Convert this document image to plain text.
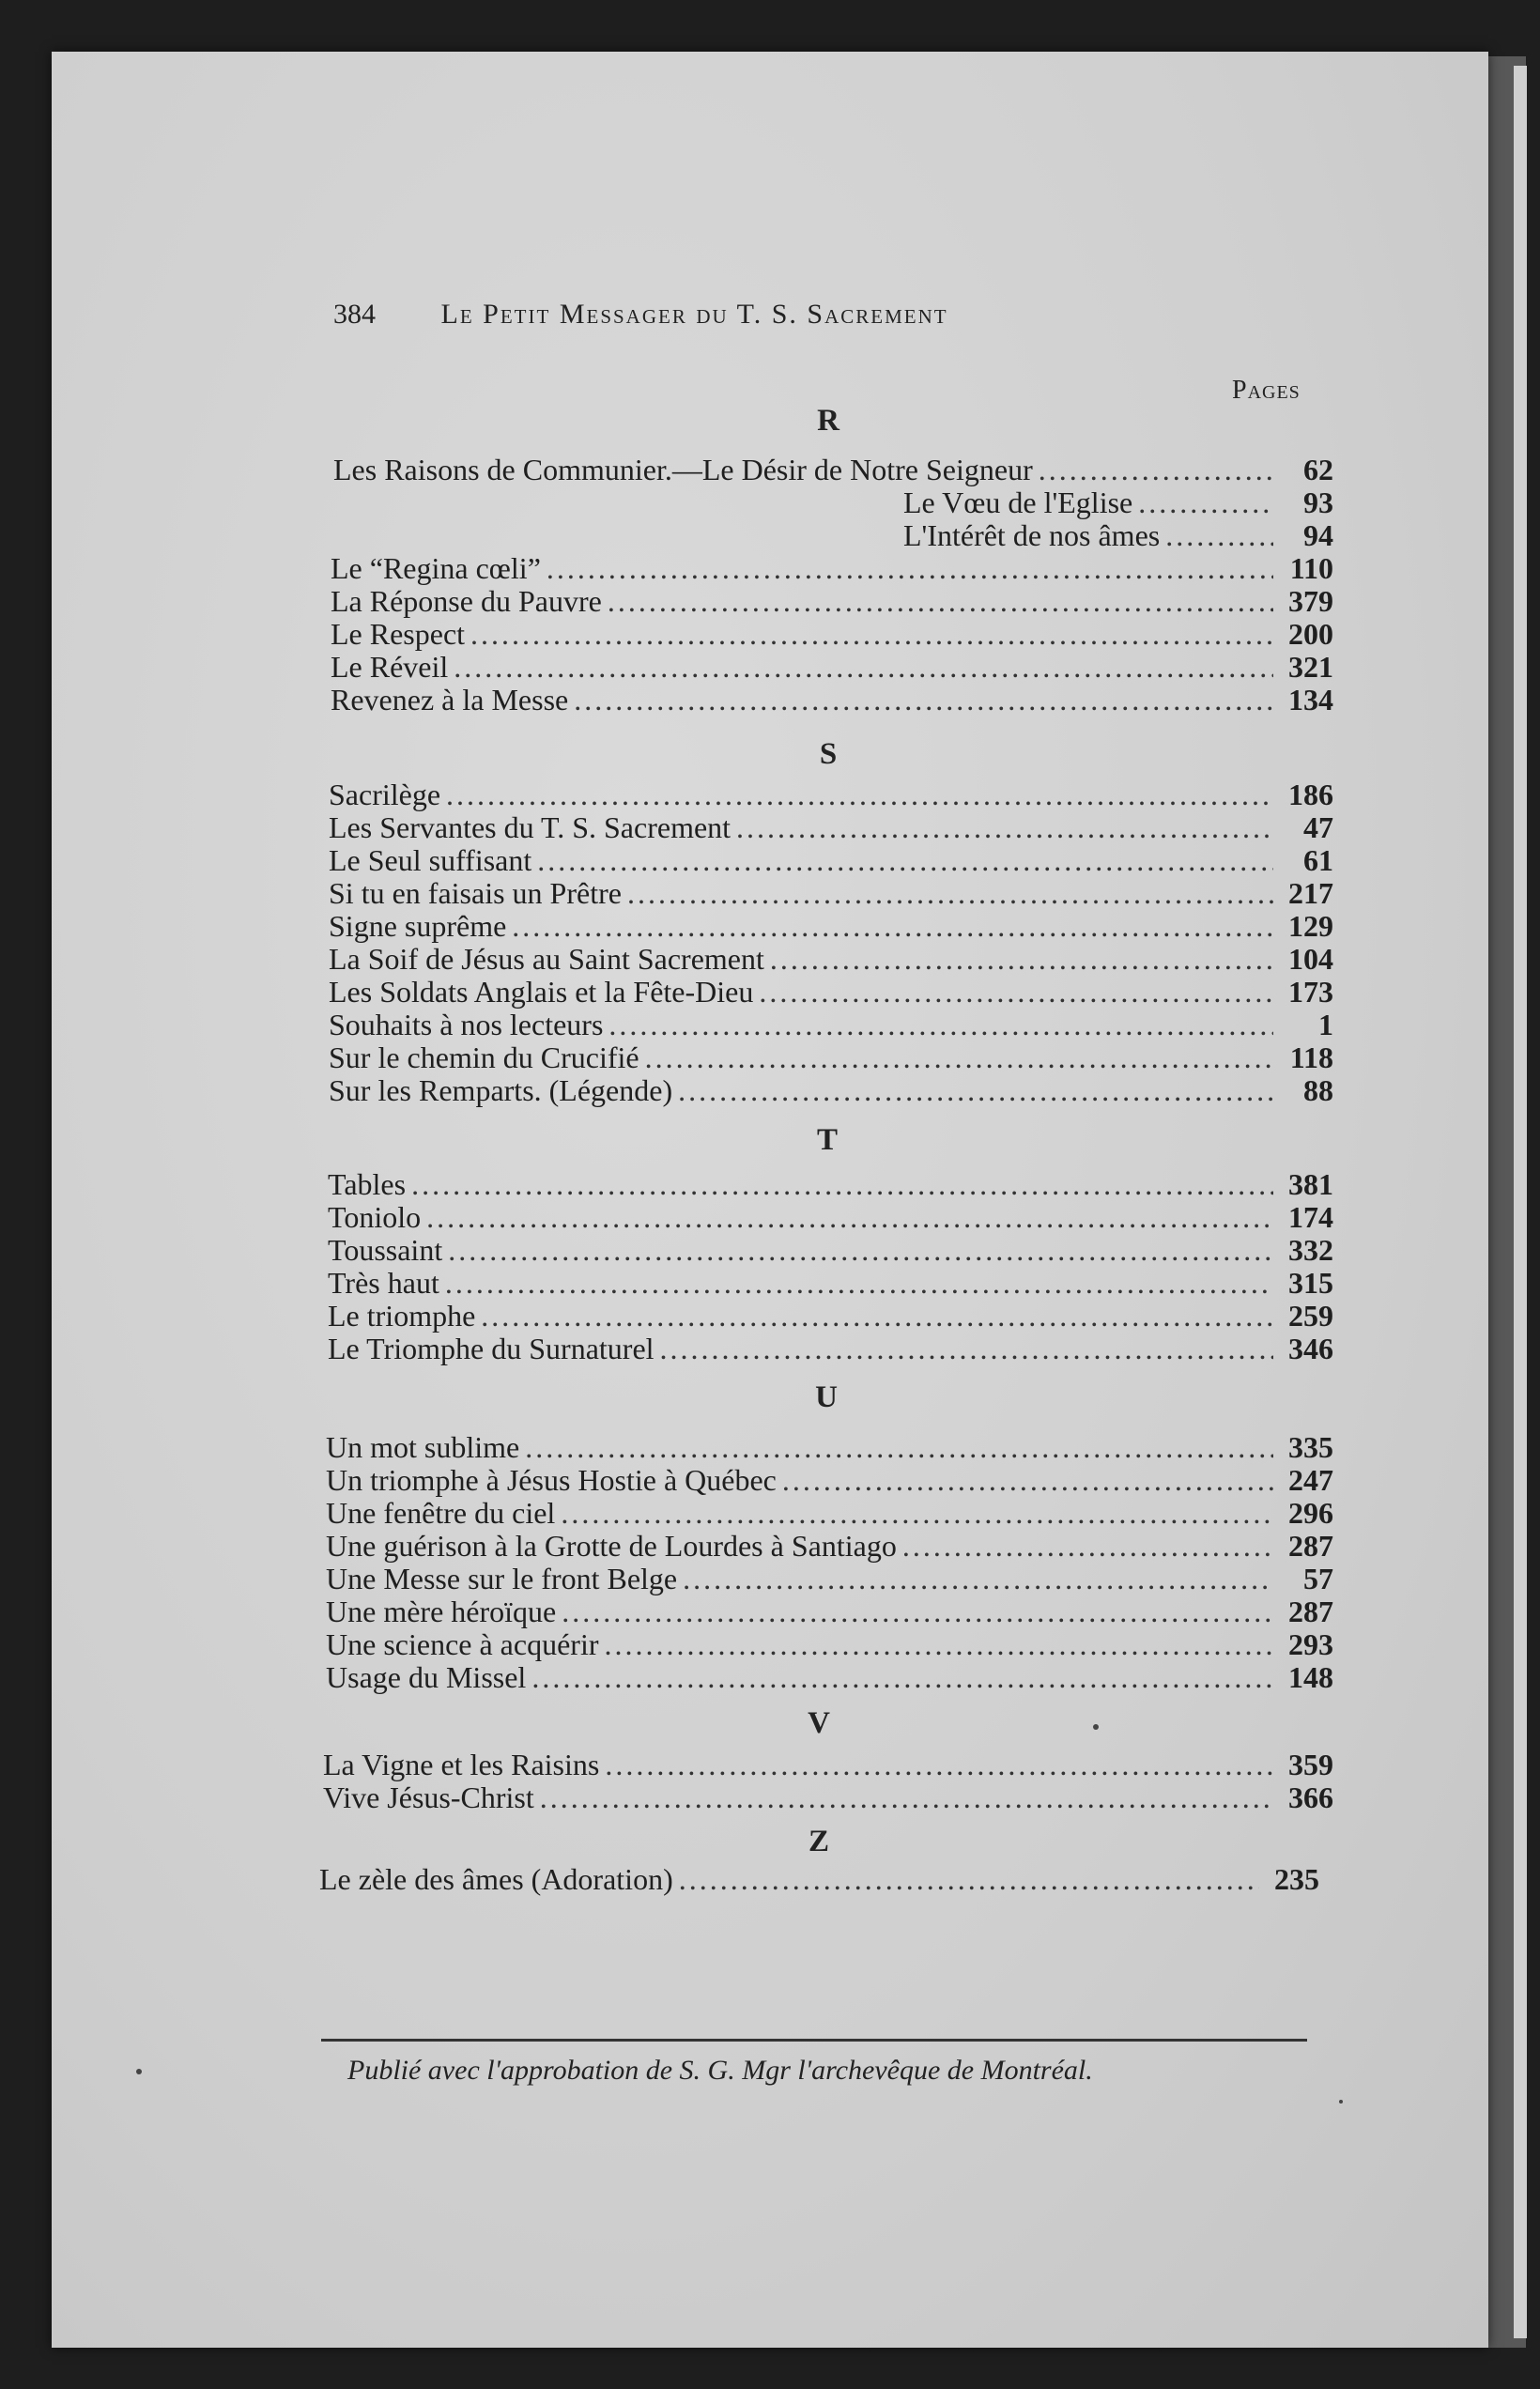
384 Le Petit Messager du T. S. Sacrement
Pages
R
Les Raisons de Communier.—Le Désir de Notre Seigneur .....	62
Le Vœu de l'Eglise .....	93
L'Intérêt de nos âmes .....	94
Le “Regina cœli” .....	110
La Réponse du Pauvre .....	379
Le Respect .....	200
Le Réveil .....	321
Revenez à la Messe .....	134
S
Sacrilège .....	186
Les Servantes du T. S. Sacrement .....	47
Le Seul suffisant .....	61
Si tu en faisais un Prêtre .....	217
Signe suprême .....	129
La Soif de Jésus au Saint Sacrement .....	104
Les Soldats Anglais et la Fête-Dieu .....	173
Souhaits à nos lecteurs .....	1
Sur le chemin du Crucifié .....	118
Sur les Remparts. (Légende) .....	88
T
Tables .....	381
Toniolo .....	174
Toussaint .....	332
Très haut .....	315
Le triomphe .....	259
Le Triomphe du Surnaturel .....	346
U
Un mot sublime .....	335
Un triomphe à Jésus Hostie à Québec .....	247
Une fenêtre du ciel .....	296
Une guérison à la Grotte de Lourdes à Santiago .....	287
Une Messe sur le front Belge .....	57
Une mère héroïque .....	287
Une science à acquérir .....	293
Usage du Missel .....	148
V
La Vigne et les Raisins .....	359
Vive Jésus-Christ .....	366
Z
Le zèle des âmes (Adoration) .....	235
Publié avec l'approbation de S. G. Mgr l'archevêque de Montréal.
